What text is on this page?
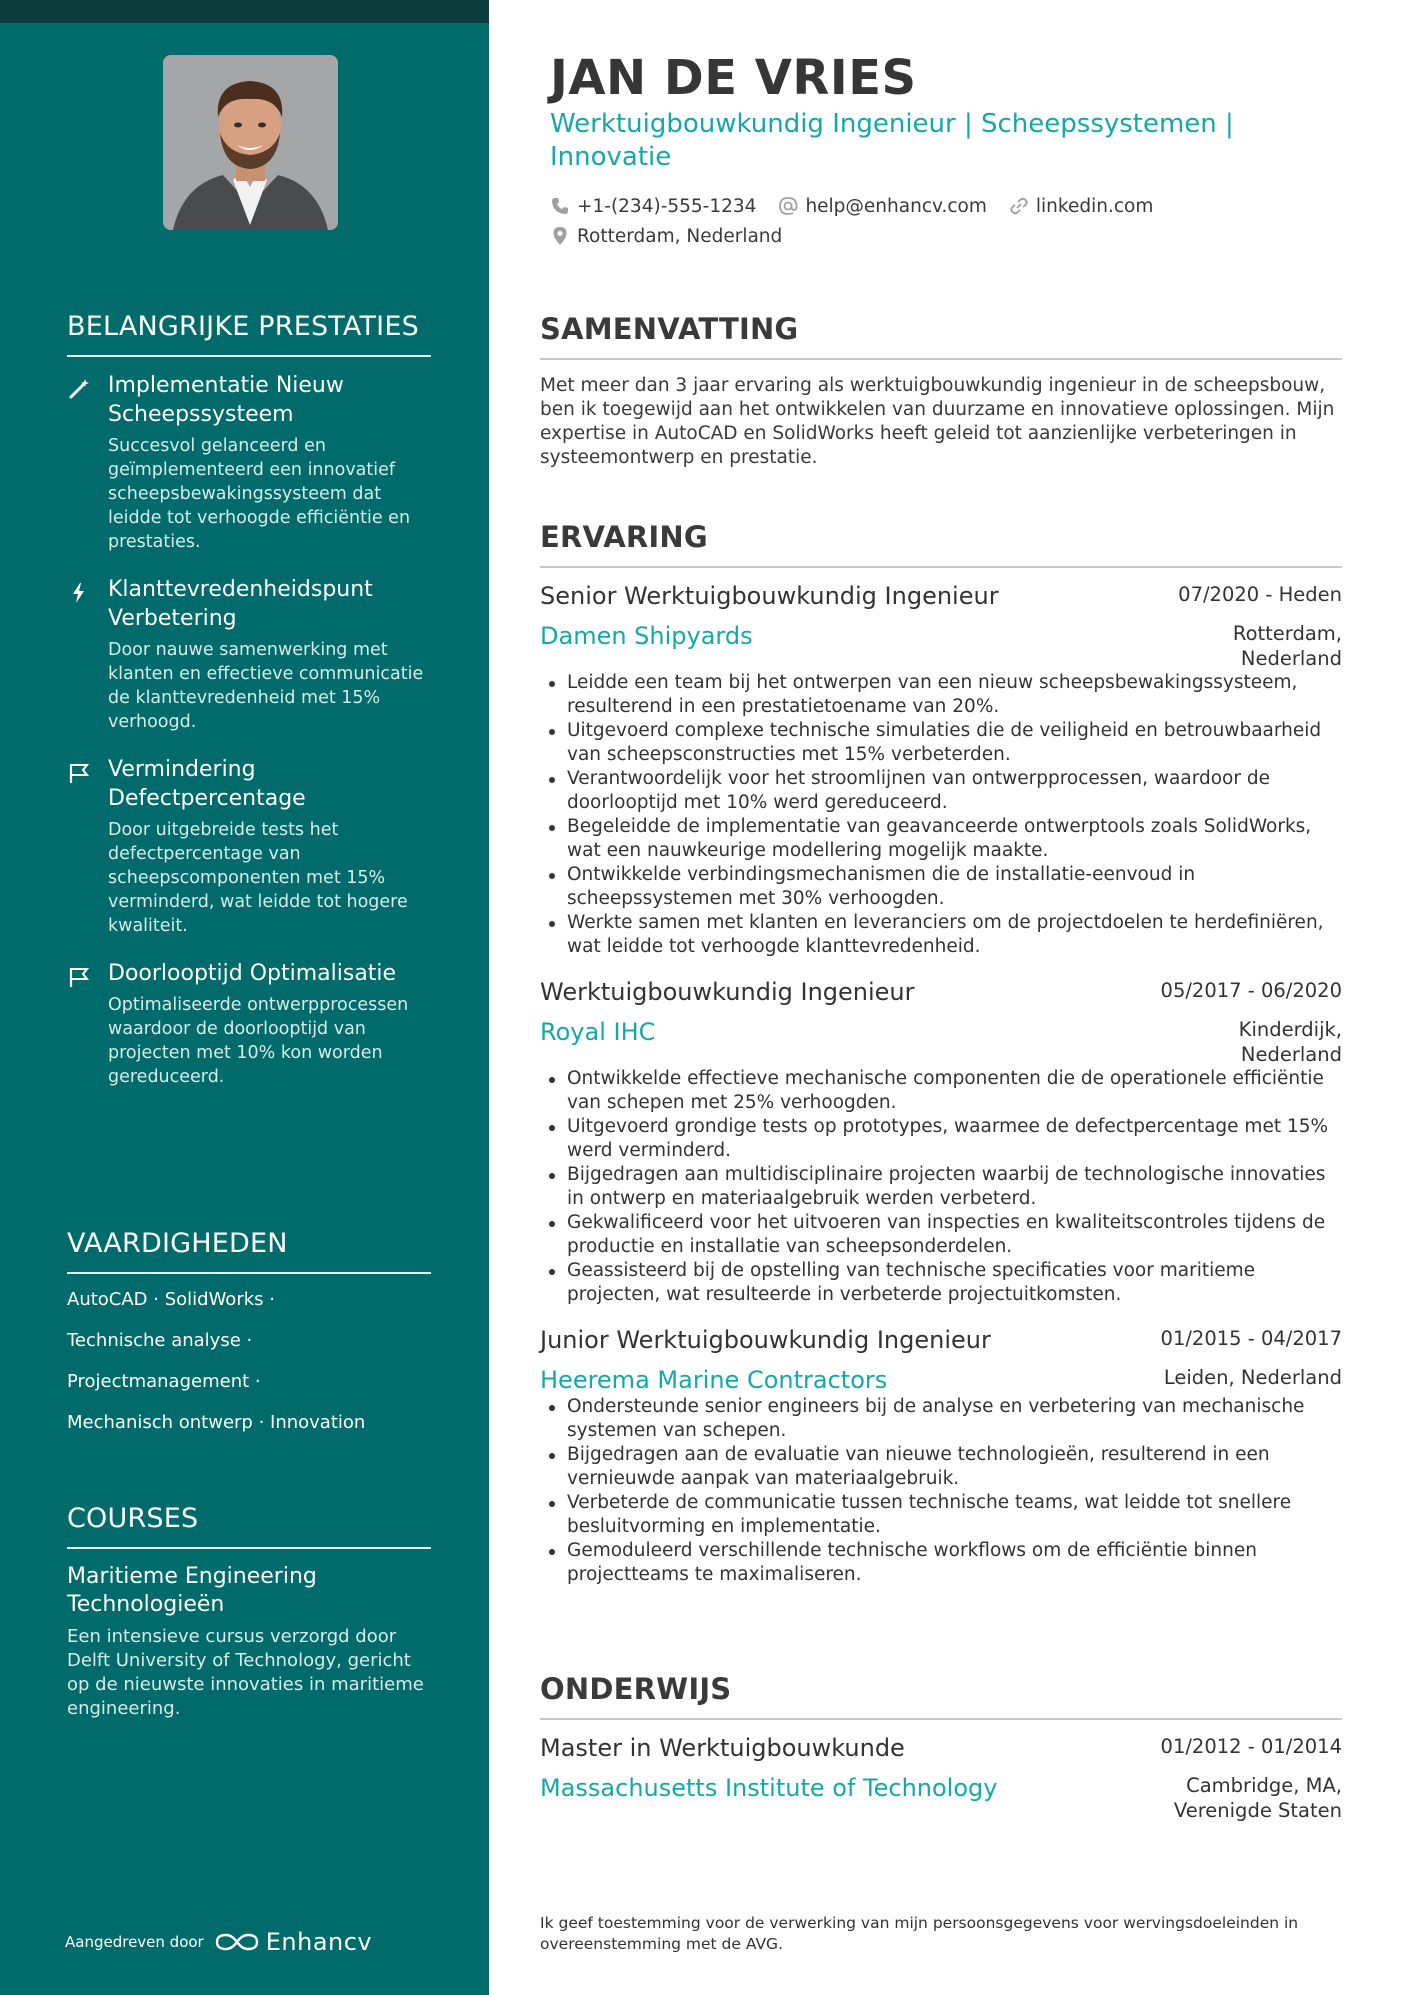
BELANGRIJKE PRESTATIES
Implementatie Nieuw Scheepssysteem
Succesvol gelanceerd en geïmplementeerd een innovatief scheepsbewakingssysteem dat leidde tot verhoogde efficiëntie en prestaties.
Klanttevredenheidspunt Verbetering
Door nauwe samenwerking met klanten en effectieve communicatie de klanttevredenheid met 15% verhoogd.
Vermindering Defectpercentage
Door uitgebreide tests het defectpercentage van scheepscomponenten met 15% verminderd, wat leidde tot hogere kwaliteit.
Doorlooptijd Optimalisatie
Optimaliseerde ontwerpprocessen waardoor de doorlooptijd van projecten met 10% kon worden gereduceerd.
VAARDIGHEDEN
AutoCAD · SolidWorks ·
Technische analyse ·
Projectmanagement ·
Mechanisch ontwerp · Innovation
COURSES
Maritieme Engineering Technologieën
Een intensieve cursus verzorgd door Delft University of Technology, gericht op de nieuwste innovaties in maritieme engineering.
Aangedreven door	Enhancv
JAN DE VRIES
Werktuigbouwkundig Ingenieur | Scheepssystemen | Innovatie
+1-(234)-555-1234	help@enhancv.com	linkedin.com
Rotterdam, Nederland
SAMENVATTING

Met meer dan 3 jaar ervaring als werktuigbouwkundig ingenieur in de scheepsbouw, ben ik toegewijd aan het ontwikkelen van duurzame en innovatieve oplossingen. Mijn expertise in AutoCAD en SolidWorks heeft geleid tot aanzienlijke verbeteringen in systeemontwerp en prestatie.

ERVARING
Senior Werktuigbouwkundig Ingenieur	07/2020 - Heden
Damen Shipyards	Rotterdam, Nederland
Leidde een team bij het ontwerpen van een nieuw scheepsbewakingssysteem, resulterend in een prestatietoename van 20%.
Uitgevoerd complexe technische simulaties die de veiligheid en betrouwbaarheid van scheepsconstructies met 15% verbeterden.
Verantwoordelijk voor het stroomlijnen van ontwerpprocessen, waardoor de doorlooptijd met 10% werd gereduceerd.
Begeleidde de implementatie van geavanceerde ontwerptools zoals SolidWorks, wat een nauwkeurige modellering mogelijk maakte.
Ontwikkelde verbindingsmechanismen die de installatie-eenvoud in scheepssystemen met 30% verhoogden.
Werkte samen met klanten en leveranciers om de projectdoelen te herdefiniëren, wat leidde tot verhoogde klanttevredenheid.
Werktuigbouwkundig Ingenieur	05/2017 - 06/2020
Royal IHC	Kinderdijk, Nederland
Ontwikkelde effectieve mechanische componenten die de operationele efficiëntie van schepen met 25% verhoogden.
Uitgevoerd grondige tests op prototypes, waarmee de defectpercentage met 15% werd verminderd.
Bijgedragen aan multidisciplinaire projecten waarbij de technologische innovaties in ontwerp en materiaalgebruik werden verbeterd.
Gekwalificeerd voor het uitvoeren van inspecties en kwaliteitscontroles tijdens de productie en installatie van scheepsonderdelen.
Geassisteerd bij de opstelling van technische specificaties voor maritieme projecten, wat resulteerde in verbeterde projectuitkomsten.
Junior Werktuigbouwkundig Ingenieur	01/2015 - 04/2017
Heerema Marine Contractors	Leiden, Nederland
Ondersteunde senior engineers bij de analyse en verbetering van mechanische systemen van schepen.
Bijgedragen aan de evaluatie van nieuwe technologieën, resulterend in een vernieuwde aanpak van materiaalgebruik.
Verbeterde de communicatie tussen technische teams, wat leidde tot snellere besluitvorming en implementatie.
Gemoduleerd verschillende technische workflows om de efficiëntie binnen projectteams te maximaliseren.
ONDERWIJS
Master in Werktuigbouwkunde	01/2012 - 01/2014
Massachusetts Institute of Technology	Cambridge, MA, Verenigde Staten
Ik geef toestemming voor de verwerking van mijn persoonsgegevens voor wervingsdoeleinden in overeenstemming met de AVG.
